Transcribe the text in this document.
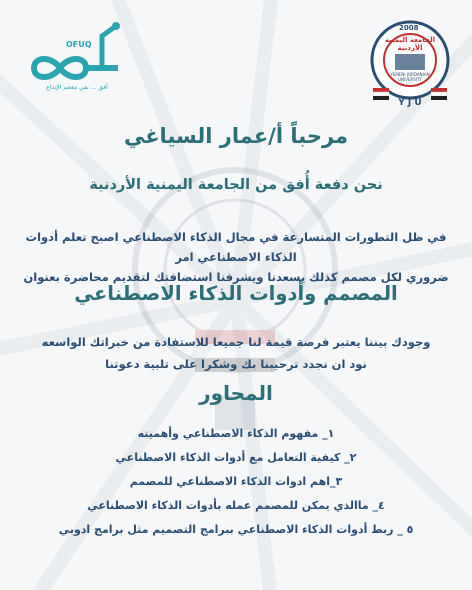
OFUQ
أفق ... نفي معجم الإبداع
2008
الجامعة اليمنية الأردنية
YEMENI JORDANIAN UNIVERSITY
Y J U
مرحباً أ/عمار السياغي
نحن دفعة أُفق من الجامعة اليمنية الأردنية
في ظل التطورات المتسارعة في مجال الذكاء الاصطناعي اصبح تعلم أدوات الذكاء الاصطناعي امر
ضروري لكل مصمم كذلك يسعدنا ويشرفنا استضافتك لتقديم محاضرة بعنوان
المصمم وأدوات الذكاء الاصطناعي
وجودك بيننا يعتبر فرصة قيمة لنا جميعا للاستفادة من خبراتك الواسعه
نود ان نجدد ترحيبنا بك وشكرا على تلبية دعوتنا
المحاور
١_ مفهوم الذكاء الاصطناعي وأهميته
٢_ كيفية التعامل مع أدوات الذكاء الاصطناعي
٣_اهم ادوات الذكاء الاصطناعي للمصمم
٤_ ماالذي يمكن للمصمم عمله بأدوات الذكاء الاصطناعي
٥ _ ربط أدوات الذكاء الاصطناعي ببرامج التصميم مثل برامج ادوبي
